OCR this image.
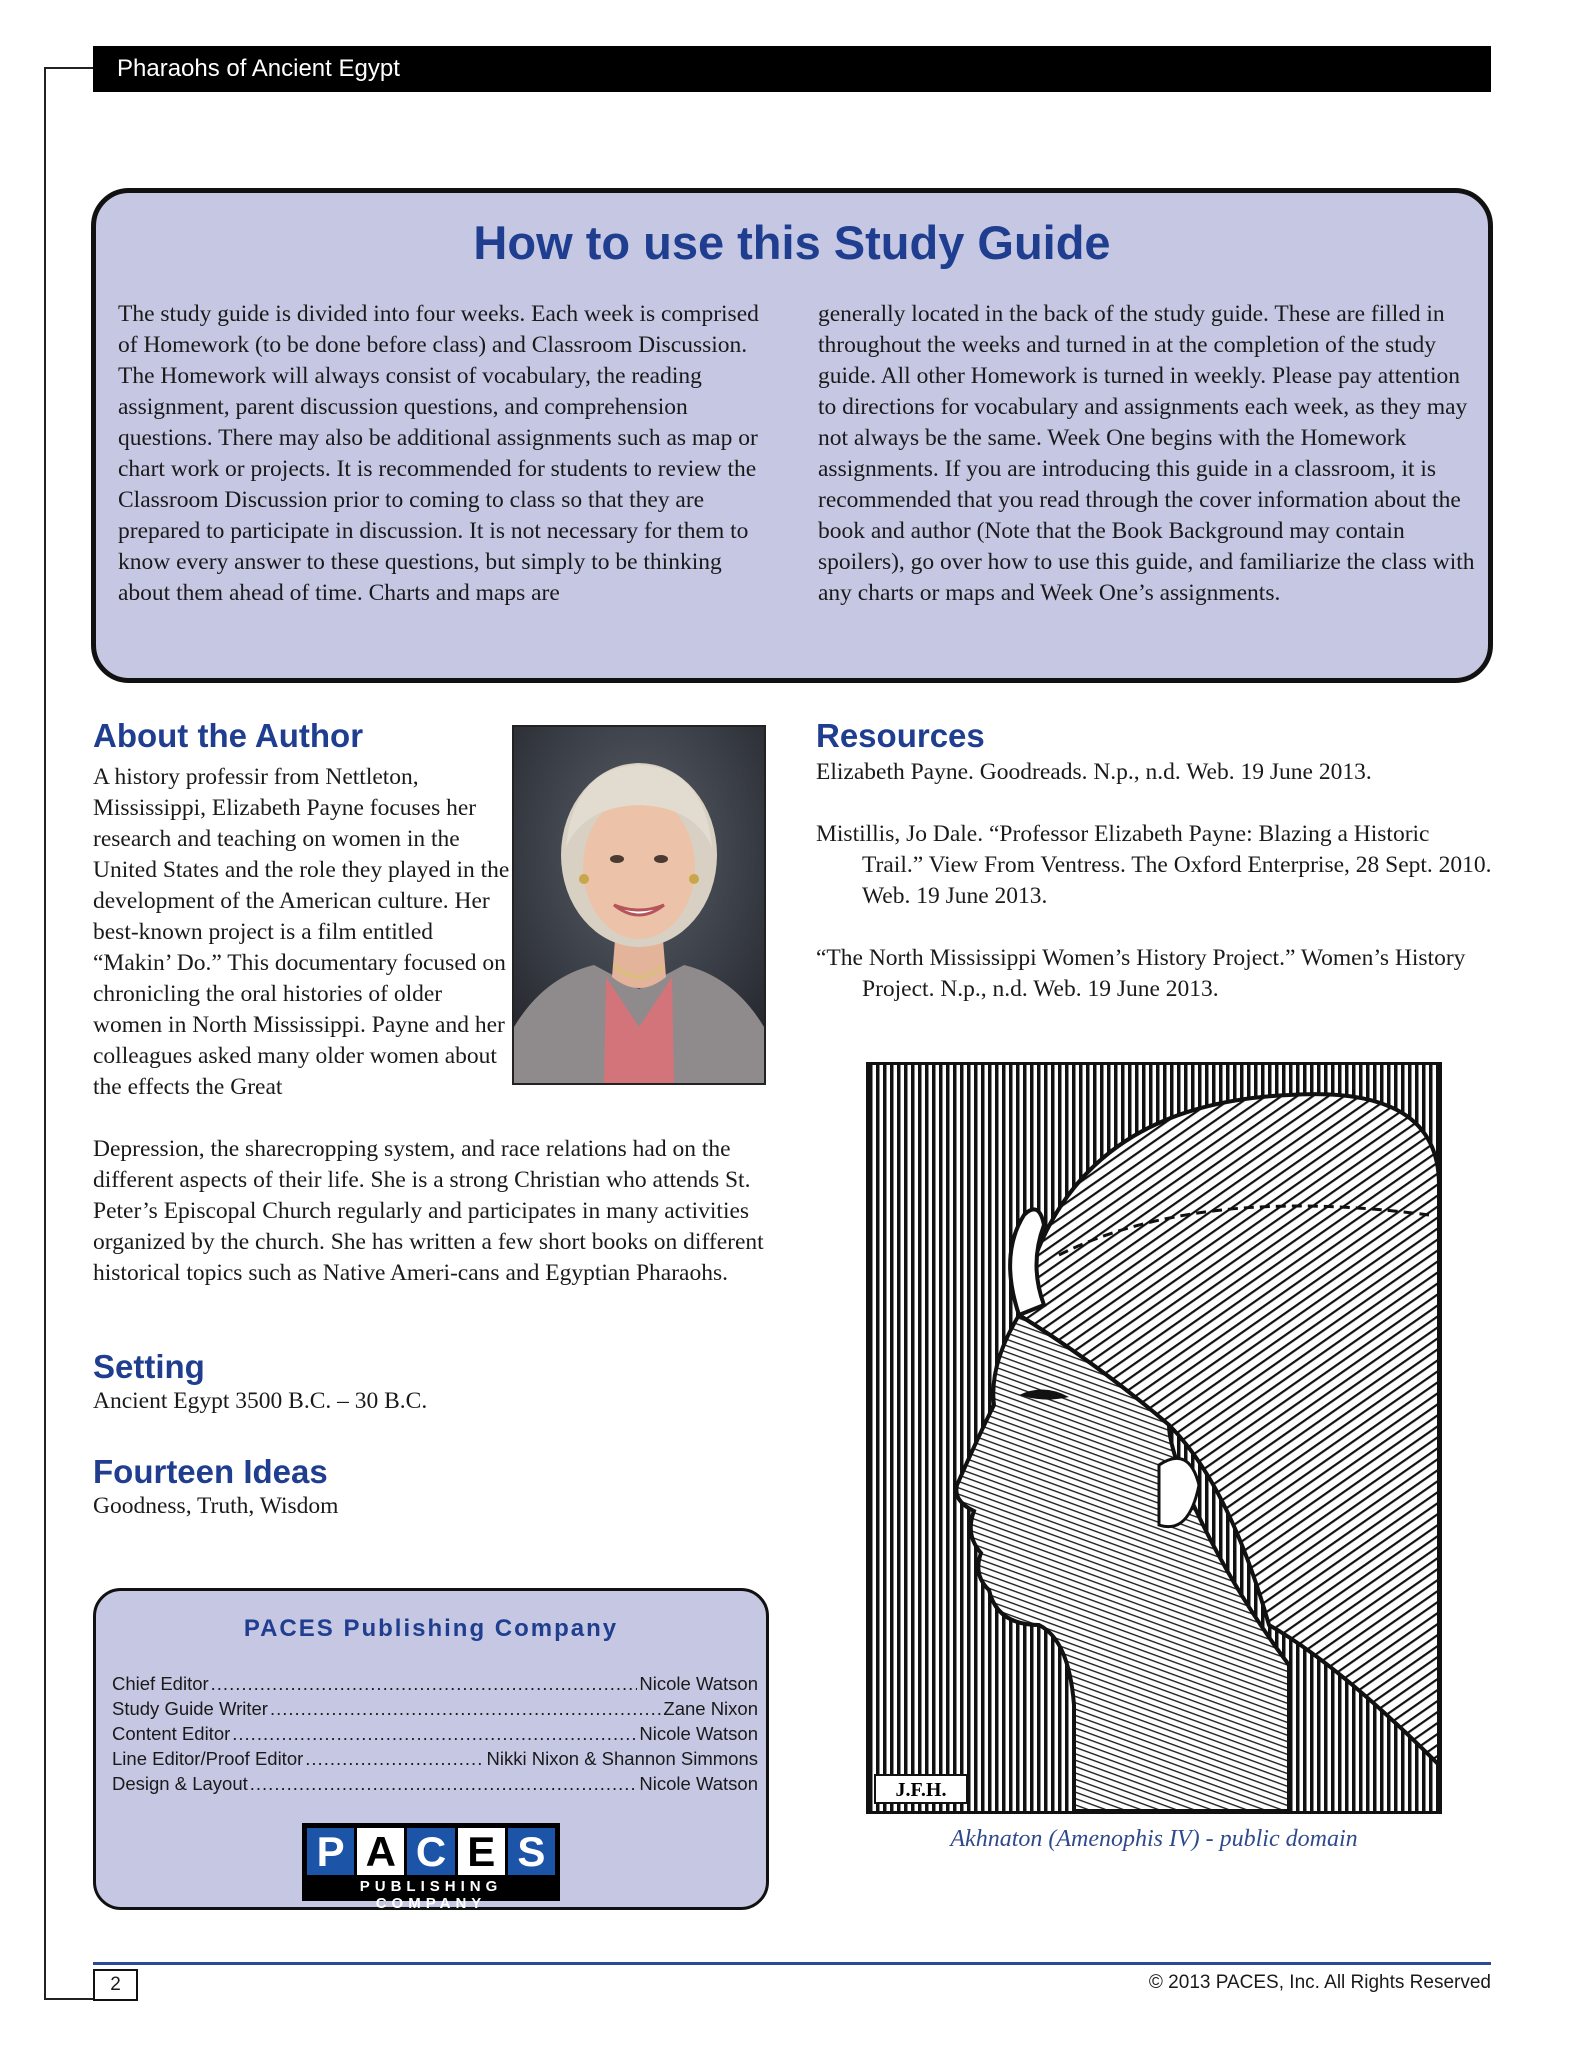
Pharaohs of Ancient Egypt
How to use this Study Guide
The study guide is divided into four weeks. Each week is comprised of Homework (to be done before class) and Classroom Discussion. The Homework will always consist of vocabulary, the reading assignment, parent discussion questions, and comprehension questions. There may also be additional assignments such as map or chart work or projects. It is recommended for students to review the Classroom Discussion prior to coming to class so that they are prepared to participate in discussion. It is not necessary for them to know every answer to these questions, but simply to be thinking about them ahead of time. Charts and maps are
generally located in the back of the study guide. These are filled in throughout the weeks and turned in at the completion of the study guide. All other Homework is turned in weekly. Please pay attention to directions for vocabulary and assignments each week, as they may not always be the same. Week One begins with the Homework assignments. If you are introducing this guide in a classroom, it is recommended that you read through the cover information about the book and author (Note that the Book Background may contain spoilers), go over how to use this guide, and familiarize the class with any charts or maps and Week One’s assignments.
About the Author
A history professir from Nettleton, Mississippi, Elizabeth Payne focuses her research and teaching on women in the United States and the role they played in the development of the American culture. Her best-known project is a film entitled “Makin’ Do.” This documentary focused on chronicling the oral histories of older women in North Mississippi. Payne and her colleagues asked many older women about the effects the Great
Depression, the sharecropping system, and race relations had on the different aspects of their life. She is a strong Christian who attends St. Peter’s Episcopal Church regularly and participates in many activities organized by the church. She has written a few short books on different historical topics such as Native Ameri-cans and Egyptian Pharaohs.
Setting
Ancient Egypt 3500 B.C. – 30 B.C.
Fourteen Ideas
Goodness, Truth, Wisdom
Resources
Elizabeth Payne. Goodreads. N.p., n.d. Web. 19 June 2013.
Mistillis, Jo Dale. “Professor Elizabeth Payne: Blazing a Historic Trail.” View From Ventress. The Oxford Enterprise, 28 Sept. 2010. Web. 19 June 2013.
“The North Mississippi Women’s History Project.” Women’s History Project. N.p., n.d. Web. 19 June 2013.
J.F.H.
Akhnaton (Amenophis IV) - public domain
PACES Publishing Company
Chief Editor .....	Nicole Watson
Study Guide Writer .....	Zane Nixon
Content Editor .....	Nicole Watson
Line Editor/Proof Editor .....	Nikki Nixon & Shannon Simmons
Design & Layout .....	Nicole Watson
P A C E S
PUBLISHING COMPANY
2	© 2013 PACES, Inc. All Rights Reserved
